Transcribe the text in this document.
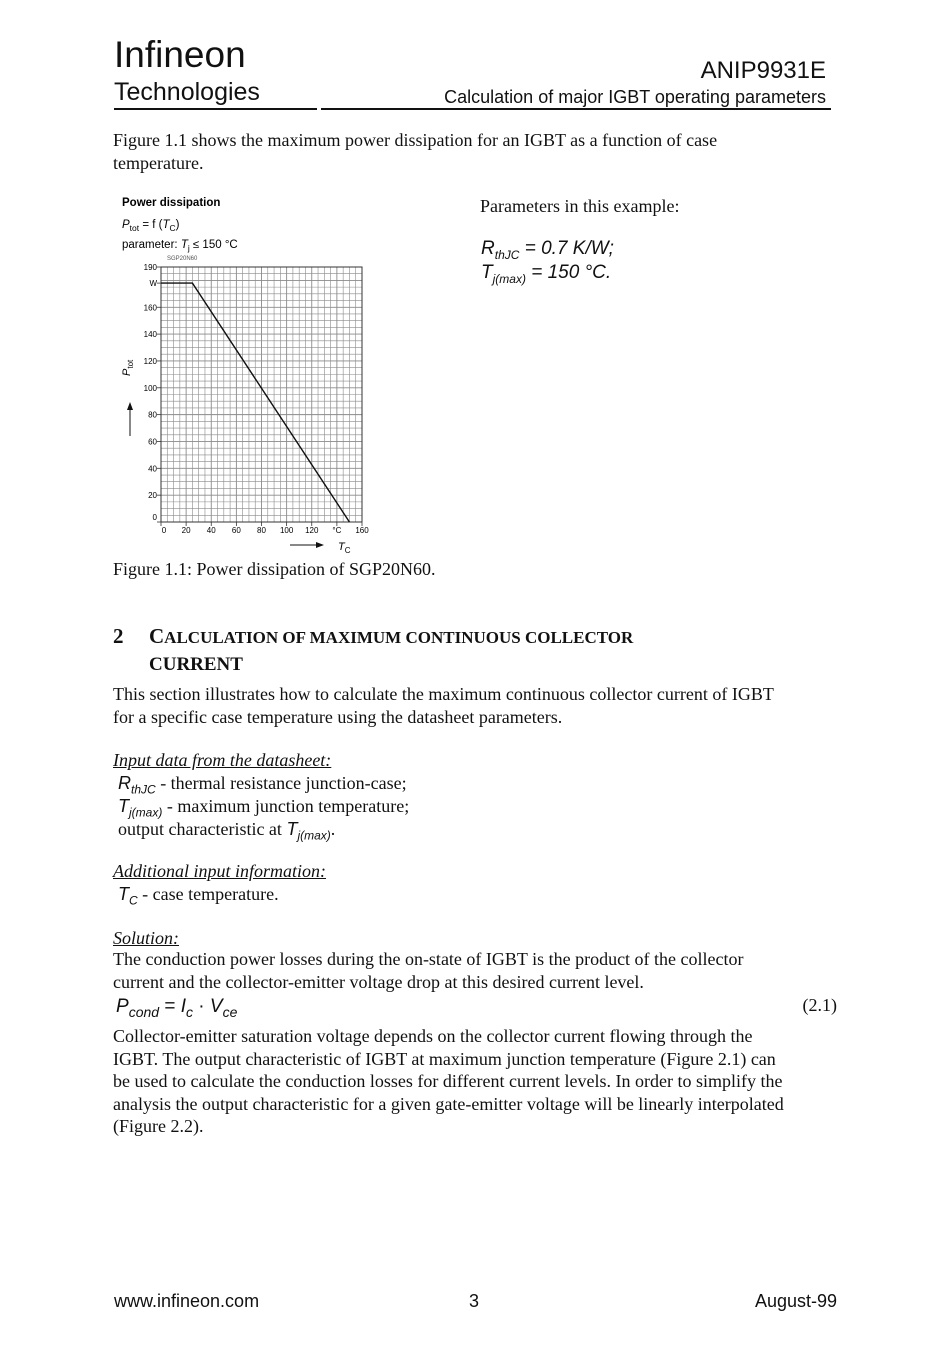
Infineon
Technologies
ANIP9931E
Calculation of major IGBT operating parameters
Figure 1.1 shows the maximum power dissipation for an IGBT as a function of case
temperature.
Power dissipation
$P_{tot} = f$ $(T_C)$
parameter: $T_j \le 150$ °C
SGP20N60
190
W
160
140
120
100
80
60
40
20
0
0 20 40 60 80 100 120 °C 160
$P_{tot}$
$T_C$
Parameters in this example:
$R_{thJC} = 0.7$ K/W;
$T_{j(max)} = 150$ °C.
Figure 1.1: Power dissipation of SGP20N60.
2 CALCULATION OF MAXIMUM CONTINUOUS COLLECTOR
CURRENT
This section illustrates how to calculate the maximum continuous collector current of IGBT
for a specific case temperature using the datasheet parameters.
Input data from the datasheet:
$R_{thJC}$ - thermal resistance junction-case;
$T_{j(max)}$ - maximum junction temperature;
output characteristic at $T_{j(max)}$.
Additional input information:
$T_C$ - case temperature.
Solution:
The conduction power losses during the on-state of IGBT is the product of the collector
current and the collector-emitter voltage drop at this desired current level.
$P_{cond} = I_c \cdot V_{ce}$	(2.1)
Collector-emitter saturation voltage depends on the collector current flowing through the
IGBT. The output characteristic of IGBT at maximum junction temperature (Figure 2.1) can
be used to calculate the conduction losses for different current levels. In order to simplify the
analysis the output characteristic for a given gate-emitter voltage will be linearly interpolated
(Figure 2.2).
www.infineon.com	3	August-99
